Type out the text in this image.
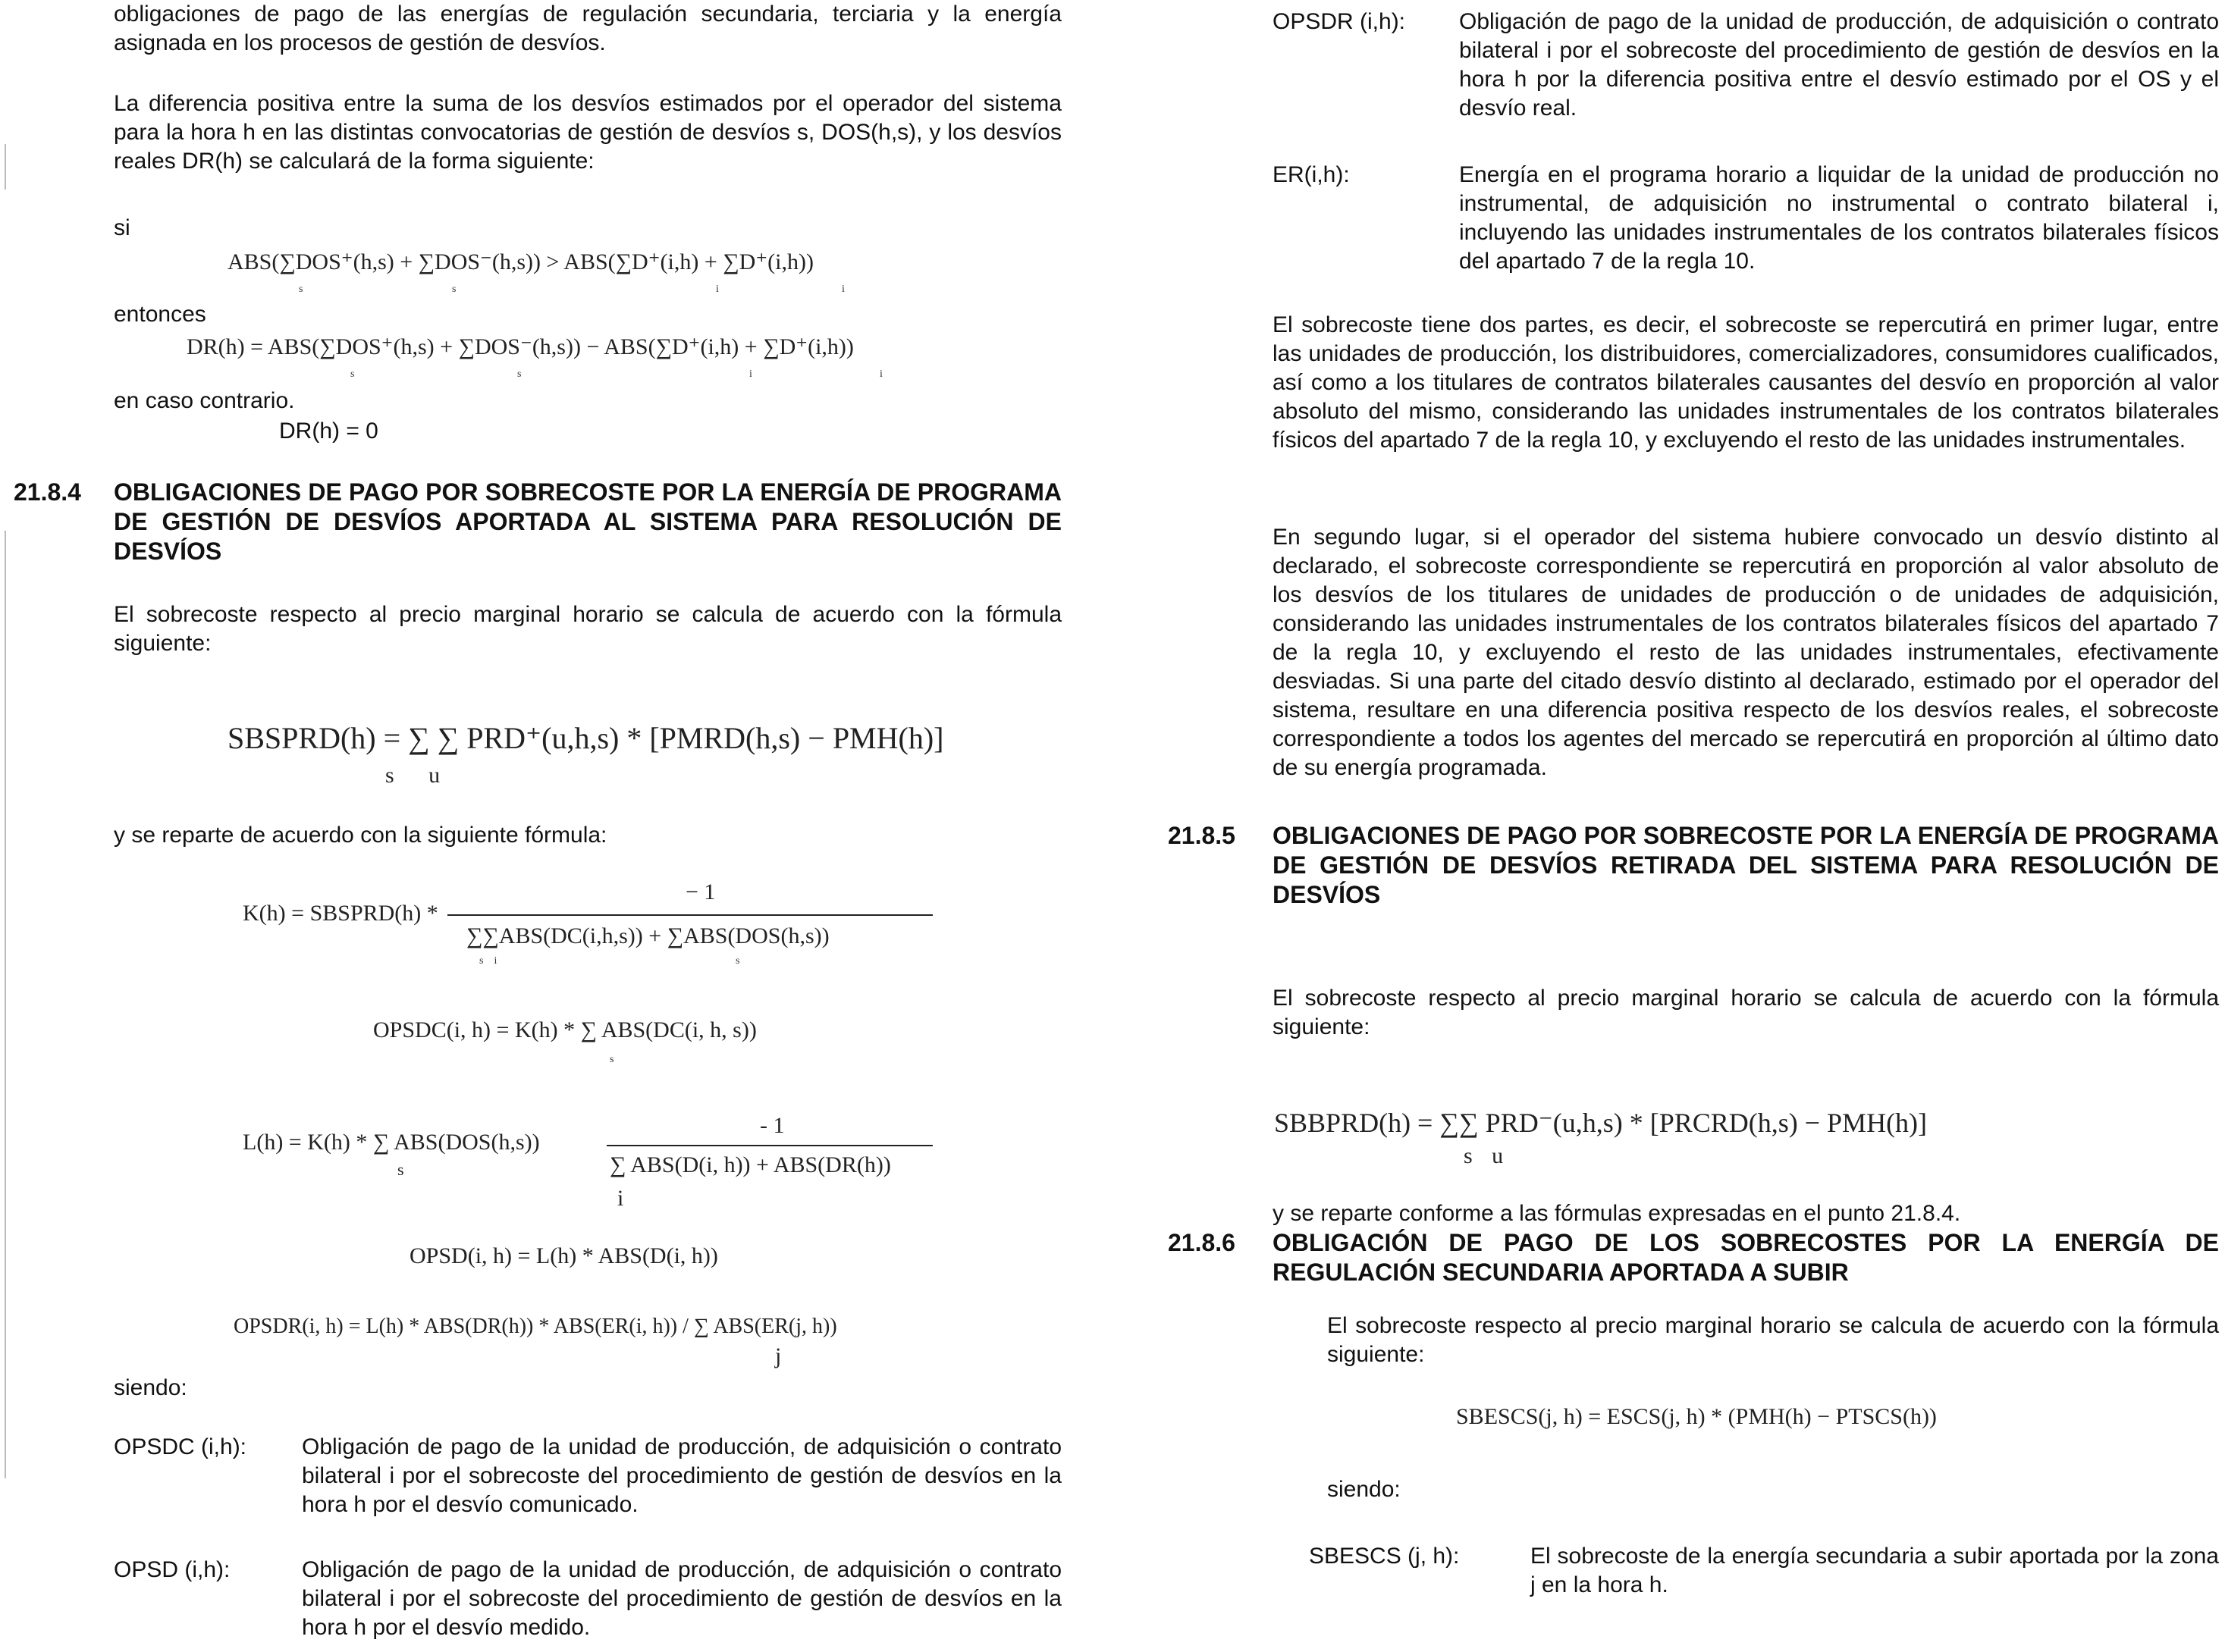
obligaciones de pago de las energías de regulación secundaria, terciaria y la energía asignada en los procesos de gestión de desvíos.
La diferencia positiva entre la suma de los desvíos estimados por el operador del sistema para la hora h en las distintas convocatorias de gestión de desvíos s, DOS(h,s), y los desvíos reales DR(h) se calculará de la forma siguiente:
si
ABS(∑DOS⁺(h,s) + ∑DOS⁻(h,s)) > ABS(∑D⁺(i,h) + ∑D⁺(i,h))
s	s	i	i
entonces
DR(h) = ABS(∑DOS⁺(h,s) + ∑DOS⁻(h,s)) − ABS(∑D⁺(i,h) + ∑D⁺(i,h))
s	s	i	i
en caso contrario.
DR(h) = 0
21.8.4 OBLIGACIONES DE PAGO POR SOBRECOSTE POR LA ENERGÍA DE PROGRAMA DE GESTIÓN DE DESVÍOS APORTADA AL SISTEMA PARA RESOLUCIÓN DE DESVÍOS
El sobrecoste respecto al precio marginal horario se calcula de acuerdo con la fórmula siguiente:
SBSPRD(h) = ∑ ∑ PRD⁺(u,h,s) * [PMRD(h,s) − PMH(h)]
s u
y se reparte de acuerdo con la siguiente fórmula:
K(h) = SBSPRD(h) *
− 1
∑∑ABS(DC(i,h,s)) + ∑ABS(DOS(h,s))
s    i	s
OPSDC(i, h) = K(h) * ∑ ABS(DC(i, h, s))
s
L(h) = K(h) * ∑ ABS(DOS(h,s))
- 1
∑ ABS(D(i, h)) + ABS(DR(h))
s
i
OPSD(i, h) = L(h) * ABS(D(i, h))
OPSDR(i, h) = L(h) * ABS(DR(h)) * ABS(ER(i, h)) / ∑ ABS(ER(j, h))
j
siendo:
OPSDC (i,h): Obligación de pago de la unidad de producción, de adquisición o contrato bilateral i por el sobrecoste del procedimiento de gestión de desvíos en la hora h por el desvío comunicado.
OPSD (i,h):	Obligación de pago de la unidad de producción, de adquisición o contrato bilateral i por el sobrecoste del procedimiento de gestión de desvíos en la hora h por el desvío medido.
OPSDR (i,h): Obligación de pago de la unidad de producción, de adquisición o contrato bilateral i por el sobrecoste del procedimiento de gestión de desvíos en la hora h por la diferencia positiva entre el desvío estimado por el OS y el desvío real.
ER(i,h):	Energía en el programa horario a liquidar de la unidad de producción no instrumental, de adquisición no instrumental o contrato bilateral i, incluyendo las unidades instrumentales de los contratos bilaterales físicos del apartado 7 de la regla 10.
El sobrecoste tiene dos partes, es decir, el sobrecoste se repercutirá en primer lugar, entre las unidades de producción, los distribuidores, comercializadores, consumidores cualificados, así como a los titulares de contratos bilaterales causantes del desvío en proporción al valor absoluto del mismo, considerando las unidades instrumentales de los contratos bilaterales físicos del apartado 7 de la regla 10, y excluyendo el resto de las unidades instrumentales.
En segundo lugar, si el operador del sistema hubiere convocado un desvío distinto al declarado, el sobrecoste correspondiente se repercutirá en proporción al valor absoluto de los desvíos de los titulares de unidades de producción o de unidades de adquisición, considerando las unidades instrumentales de los contratos bilaterales físicos del apartado 7 de la regla 10, y excluyendo el resto de las unidades instrumentales, efectivamente desviadas. Si una parte del citado desvío distinto al declarado, estimado por el operador del sistema, resultare en una diferencia positiva respecto de los desvíos reales, el sobrecoste correspondiente a todos los agentes del mercado se repercutirá en proporción al último dato de su energía programada.
21.8.5 OBLIGACIONES DE PAGO POR SOBRECOSTE POR LA ENERGÍA DE PROGRAMA DE GESTIÓN DE DESVÍOS RETIRADA DEL SISTEMA PARA RESOLUCIÓN DE DESVÍOS
El sobrecoste respecto al precio marginal horario se calcula de acuerdo con la fórmula siguiente:
SBBPRD(h) = ∑∑ PRD⁻(u,h,s) * [PRCRD(h,s) − PMH(h)]
s u
y se reparte conforme a las fórmulas expresadas en el punto 21.8.4.
21.8.6 OBLIGACIÓN DE PAGO DE LOS SOBRECOSTES POR LA ENERGÍA DE REGULACIÓN SECUNDARIA APORTADA A SUBIR
El sobrecoste respecto al precio marginal horario se calcula de acuerdo con la fórmula siguiente:
SBESCS(j, h) = ESCS(j, h) * (PMH(h) − PTSCS(h))
siendo:
SBESCS (j, h):	El sobrecoste de la energía secundaria a subir aportada por la zona j en la hora h.
